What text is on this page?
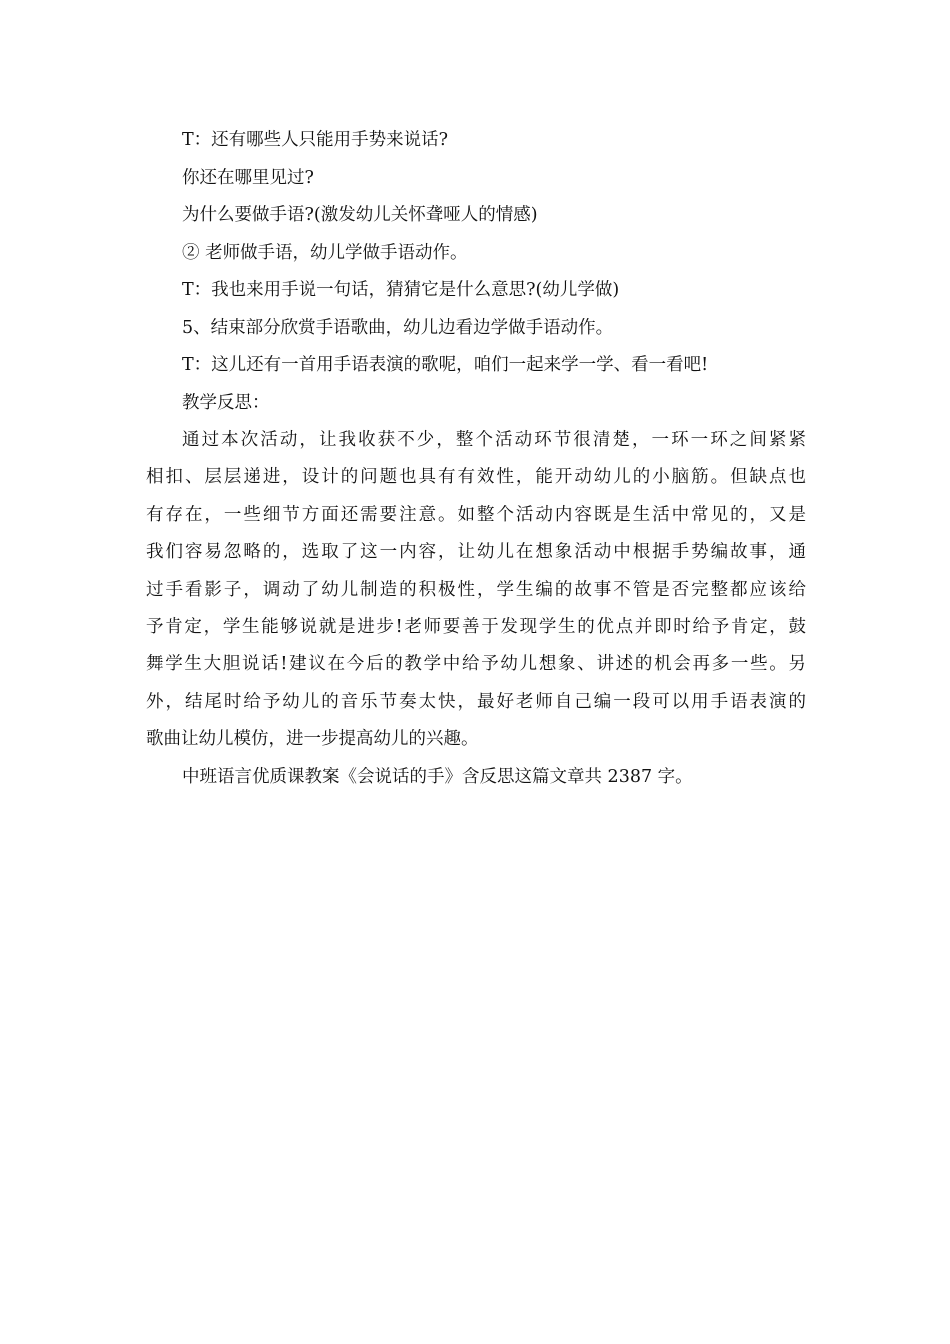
T：还有哪些人只能用手势来说话?
你还在哪里见过?
为什么要做手语?(激发幼儿关怀聋哑人的情感)
② 老师做手语，幼儿学做手语动作。
T：我也来用手说一句话，猜猜它是什么意思?(幼儿学做)
5、结束部分欣赏手语歌曲，幼儿边看边学做手语动作。
T：这儿还有一首用手语表演的歌呢，咱们一起来学一学、看一看吧!
教学反思：
通过本次活动，让我收获不少，整个活动环节很清楚，一环一环之间紧紧
相扣、层层递进，设计的问题也具有有效性，能开动幼儿的小脑筋。但缺点也
有存在，一些细节方面还需要注意。如整个活动内容既是生活中常见的，又是
我们容易忽略的，选取了这一内容，让幼儿在想象活动中根据手势编故事，通
过手看影子，调动了幼儿制造的积极性，学生编的故事不管是否完整都应该给
予肯定，学生能够说就是进步!老师要善于发现学生的优点并即时给予肯定，鼓
舞学生大胆说话!建议在今后的教学中给予幼儿想象、讲述的机会再多一些。另
外，结尾时给予幼儿的音乐节奏太快，最好老师自己编一段可以用手语表演的
歌曲让幼儿模仿，进一步提高幼儿的兴趣。
中班语言优质课教案《会说话的手》含反思这篇文章共 2387 字。
